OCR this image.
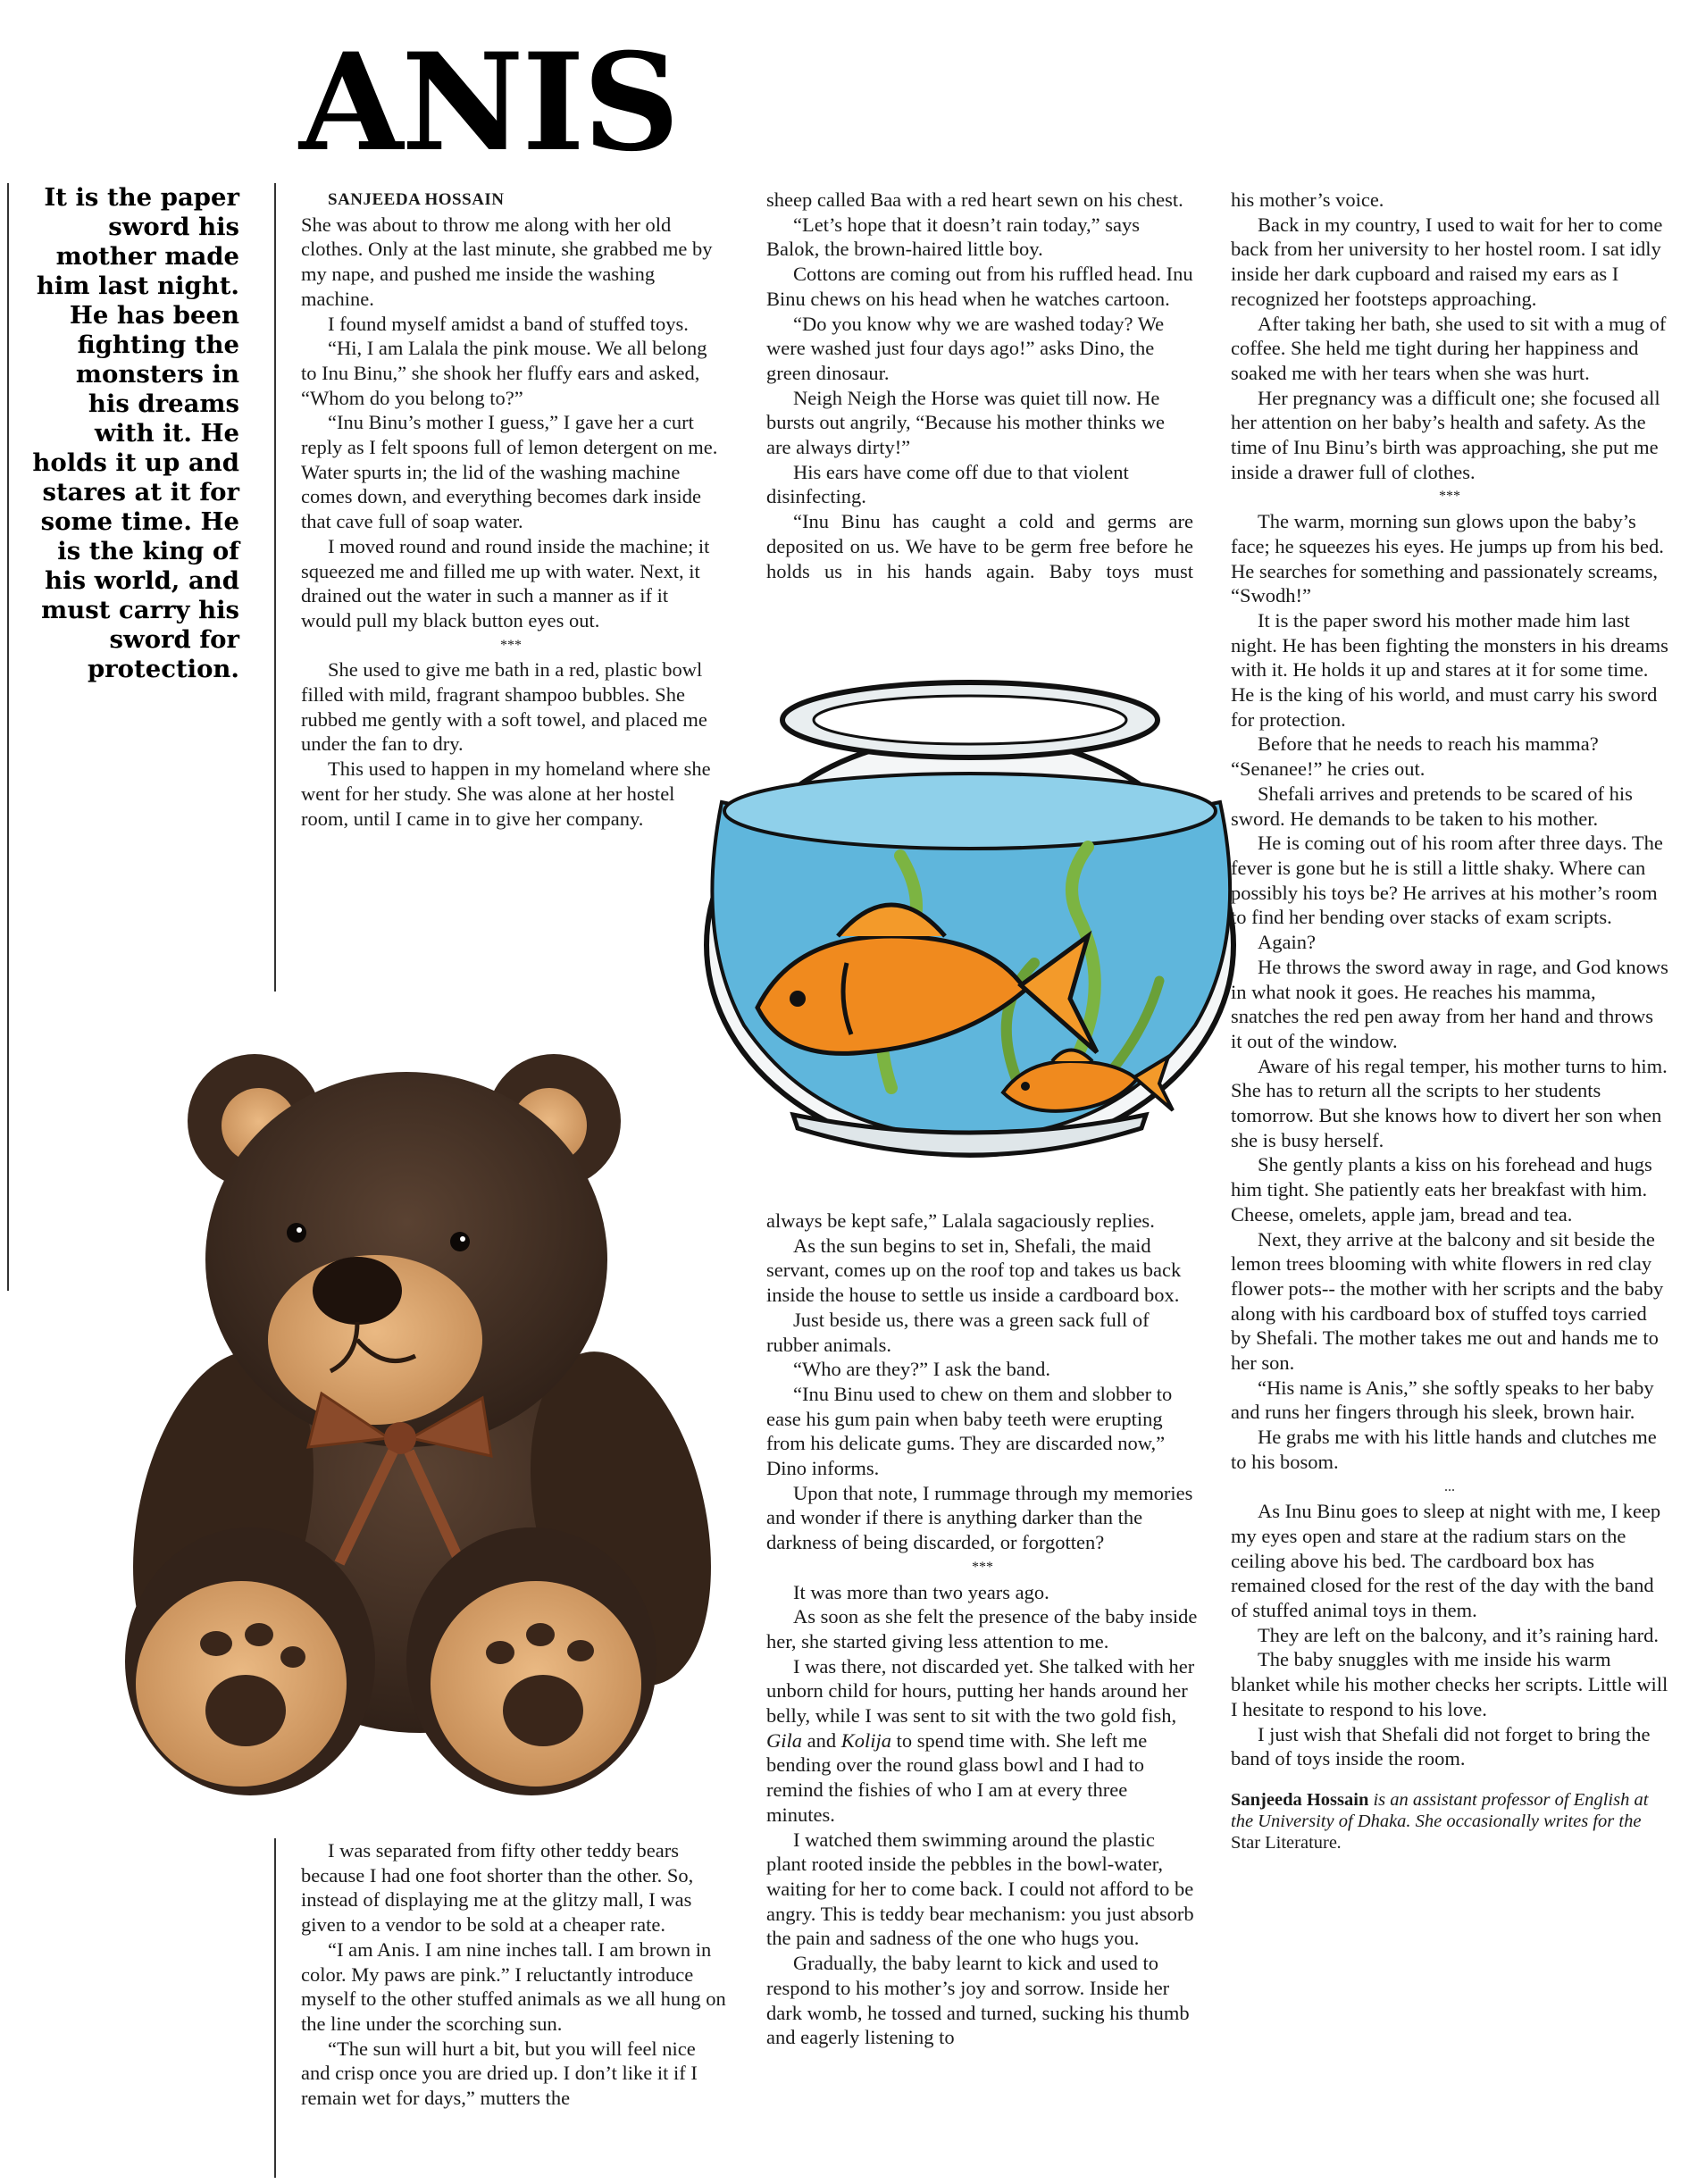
ANIS

It is the paper sword his mother made him last night. He has been fighting the monsters in his dreams with it. He holds it up and stares at it for some time. He is the king of his world, and must carry his sword for protection.

SANJEEDA HOSSAIN

She was about to throw me along with her old clothes. Only at the last minute, she grabbed me by my nape, and pushed me inside the washing machine.

I found myself amidst a band of stuffed toys.

“Hi, I am Lalala the pink mouse. We all belong to Inu Binu,” she shook her fluffy ears and asked, “Whom do you belong to?”

“Inu Binu’s mother I guess,” I gave her a curt reply as I felt spoons full of lemon detergent on me. Water spurts in; the lid of the washing machine comes down, and everything becomes dark inside that cave full of soap water.

I moved round and round inside the machine; it squeezed me and filled me up with water. Next, it drained out the water in such a manner as if it would pull my black button eyes out.

***

She used to give me bath in a red, plastic bowl filled with mild, fragrant shampoo bubbles. She rubbed me gently with a soft towel, and placed me under the fan to dry.

This used to happen in my homeland where she went for her study. She was alone at her hostel room, until I came in to give her company.

I was separated from fifty other teddy bears because I had one foot shorter than the other. So, instead of displaying me at the glitzy mall, I was given to a vendor to be sold at a cheaper rate.

“I am Anis. I am nine inches tall. I am brown in color. My paws are pink.” I reluctantly introduce myself to the other stuffed animals as we all hung on the line under the scorching sun.

“The sun will hurt a bit, but you will feel nice and crisp once you are dried up. I don’t like it if I remain wet for days,” mutters the

sheep called Baa with a red heart sewn on his chest.

“Let’s hope that it doesn’t rain today,” says Balok, the brown-haired little boy.

Cottons are coming out from his ruffled head. Inu Binu chews on his head when he watches cartoon.

“Do you know why we are washed today? We were washed just four days ago!” asks Dino, the green dinosaur.

Neigh Neigh the Horse was quiet till now. He bursts out angrily, “Because his mother thinks we are always dirty!”

His ears have come off due to that violent disinfecting.

“Inu Binu has caught a cold and germs are deposited on us. We have to be germ free before he holds us in his hands again. Baby toys must

always be kept safe,” Lalala sagaciously replies.

As the sun begins to set in, Shefali, the maid servant, comes up on the roof top and takes us back inside the house to settle us inside a cardboard box.

Just beside us, there was a green sack full of rubber animals.

“Who are they?” I ask the band.

“Inu Binu used to chew on them and slobber to ease his gum pain when baby teeth were erupting from his delicate gums. They are discarded now,” Dino informs.

Upon that note, I rummage through my memories and wonder if there is anything darker than the darkness of being discarded, or forgotten?

***

It was more than two years ago.

As soon as she felt the presence of the baby inside her, she started giving less attention to me.

I was there, not discarded yet. She talked with her unborn child for hours, putting her hands around her belly, while I was sent to sit with the two gold fish, Gila and Kolija to spend time with. She left me bending over the round glass bowl and I had to remind the fishies of who I am at every three minutes.

I watched them swimming around the plastic plant rooted inside the pebbles in the bowl-water, waiting for her to come back. I could not afford to be angry. This is teddy bear mechanism: you just absorb the pain and sadness of the one who hugs you.

Gradually, the baby learnt to kick and used to respond to his mother’s joy and sorrow. Inside her dark womb, he tossed and turned, sucking his thumb and eagerly listening to

his mother’s voice.

Back in my country, I used to wait for her to come back from her university to her hostel room. I sat idly inside her dark cupboard and raised my ears as I recognized her footsteps approaching.

After taking her bath, she used to sit with a mug of coffee. She held me tight during her happiness and soaked me with her tears when she was hurt.

Her pregnancy was a difficult one; she focused all her attention on her baby’s health and safety. As the time of Inu Binu’s birth was approaching, she put me inside a drawer full of clothes.

***

The warm, morning sun glows upon the baby’s face; he squeezes his eyes. He jumps up from his bed. He searches for something and passionately screams, “Swodh!”

It is the paper sword his mother made him last night. He has been fighting the monsters in his dreams with it. He holds it up and stares at it for some time. He is the king of his world, and must carry his sword for protection.

Before that he needs to reach his mamma? “Senanee!” he cries out.

Shefali arrives and pretends to be scared of his sword. He demands to be taken to his mother.

He is coming out of his room after three days. The fever is gone but he is still a little shaky. Where can possibly his toys be? He arrives at his mother’s room to find her bending over stacks of exam scripts.

Again?

He throws the sword away in rage, and God knows in what nook it goes. He reaches his mamma, snatches the red pen away from her hand and throws it out of the window.

Aware of his regal temper, his mother turns to him. She has to return all the scripts to her students tomorrow. But she knows how to divert her son when she is busy herself.

She gently plants a kiss on his forehead and hugs him tight. She patiently eats her breakfast with him. Cheese, omelets, apple jam, bread and tea.

Next, they arrive at the balcony and sit beside the lemon trees blooming with white flowers in red clay flower pots-- the mother with her scripts and the baby along with his cardboard box of stuffed toys carried by Shefali. The mother takes me out and hands me to her son.

“His name is Anis,” she softly speaks to her baby and runs her fingers through his sleek, brown hair.

He grabs me with his little hands and clutches me to his bosom.

...

As Inu Binu goes to sleep at night with me, I keep my eyes open and stare at the radium stars on the ceiling above his bed. The cardboard box has remained closed for the rest of the day with the band of stuffed animal toys in them.

They are left on the balcony, and it’s raining hard.

The baby snuggles with me inside his warm blanket while his mother checks her scripts. Little will I hesitate to respond to his love.

I just wish that Shefali did not forget to bring the band of toys inside the room.

Sanjeeda Hossain is an assistant professor of English at the University of Dhaka. She occasionally writes for the Star Literature.
